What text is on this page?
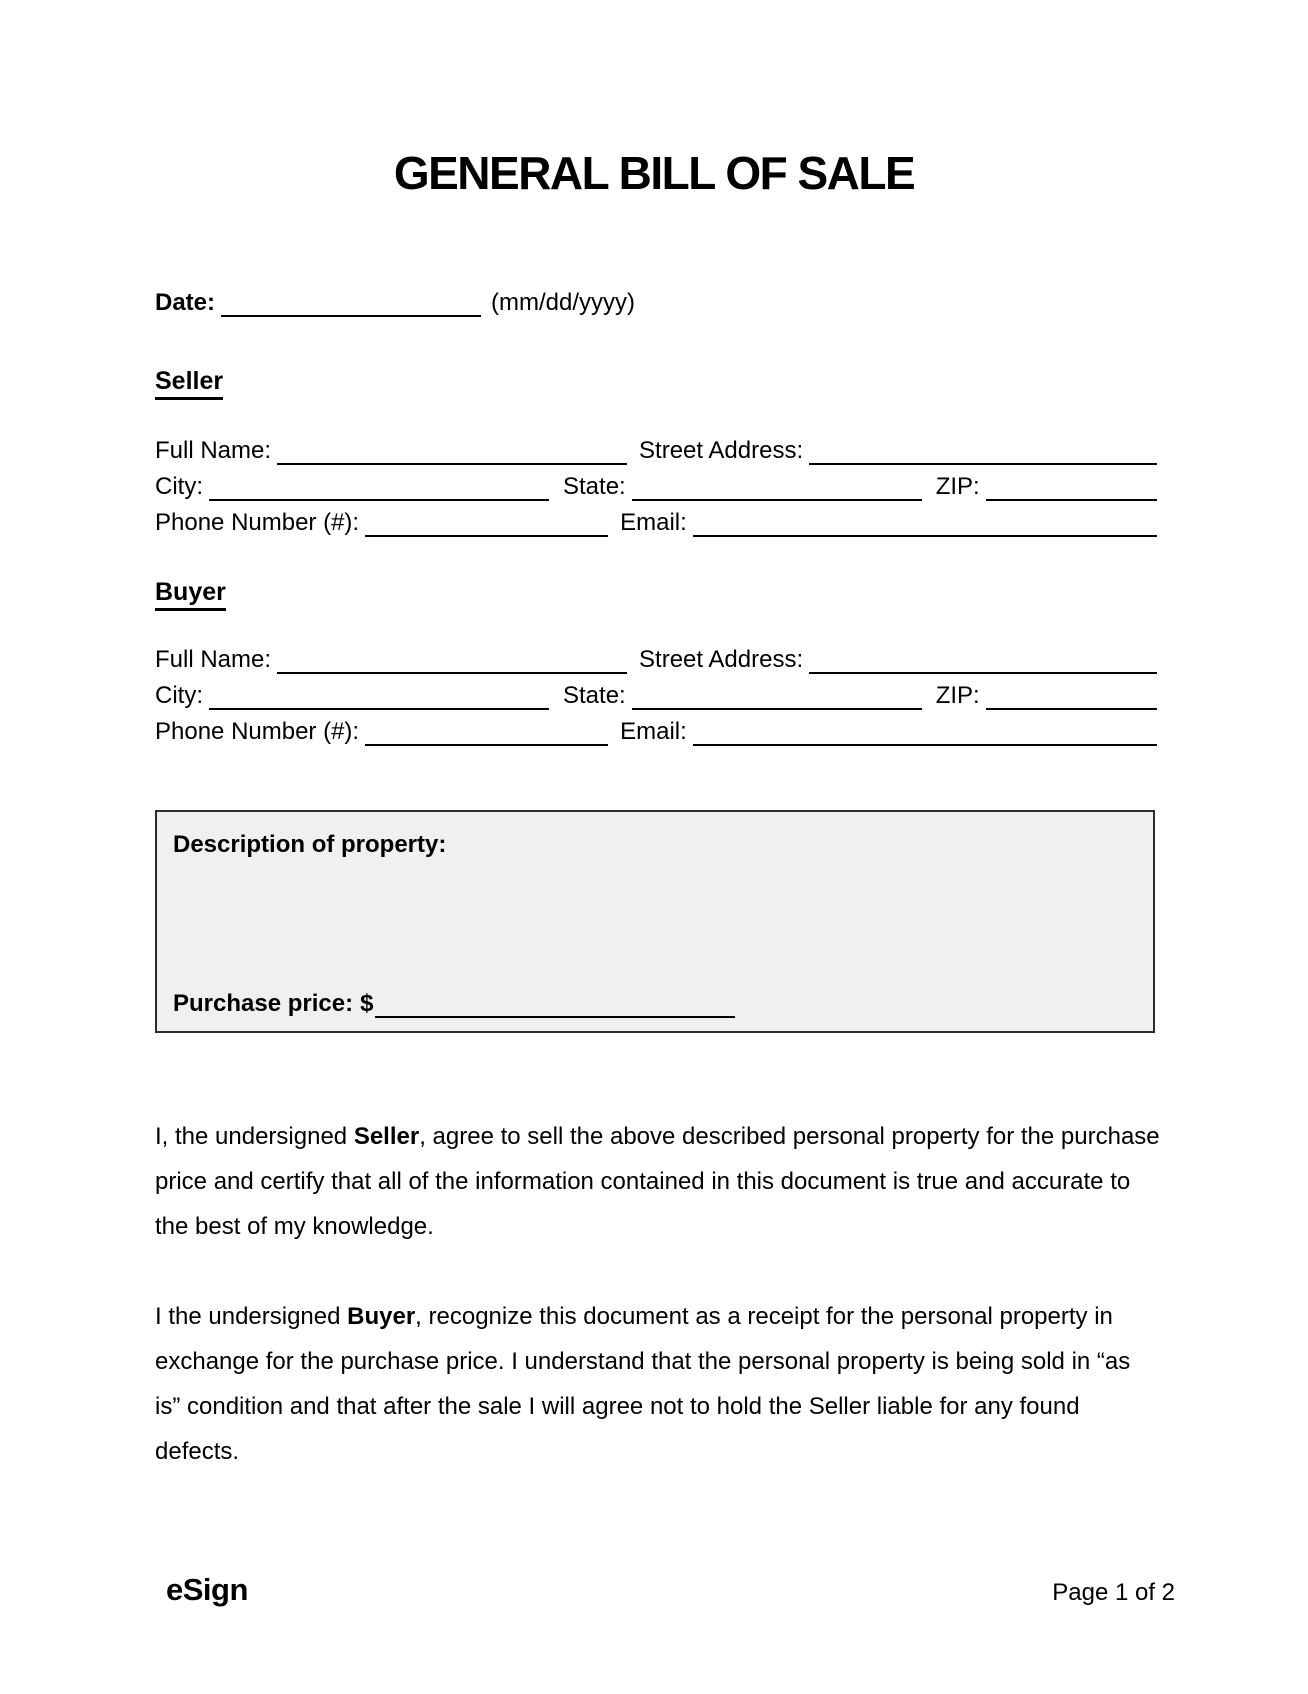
GENERAL BILL OF SALE
Date:	(mm/dd/yyyy)
Seller
Full Name:	Street Address:
City:	State:	ZIP:
Phone Number (#):	Email:
Buyer
Full Name:	Street Address:
City:	State:	ZIP:
Phone Number (#):	Email:
Description of property:
Purchase price: $
I, the undersigned Seller, agree to sell the above described personal property for the purchase price and certify that all of the information contained in this document is true and accurate to the best of my knowledge.
I the undersigned Buyer, recognize this document as a receipt for the personal property in exchange for the purchase price. I understand that the personal property is being sold in “as is” condition and that after the sale I will agree not to hold the Seller liable for any found defects.
eSign	Page 1 of 2
